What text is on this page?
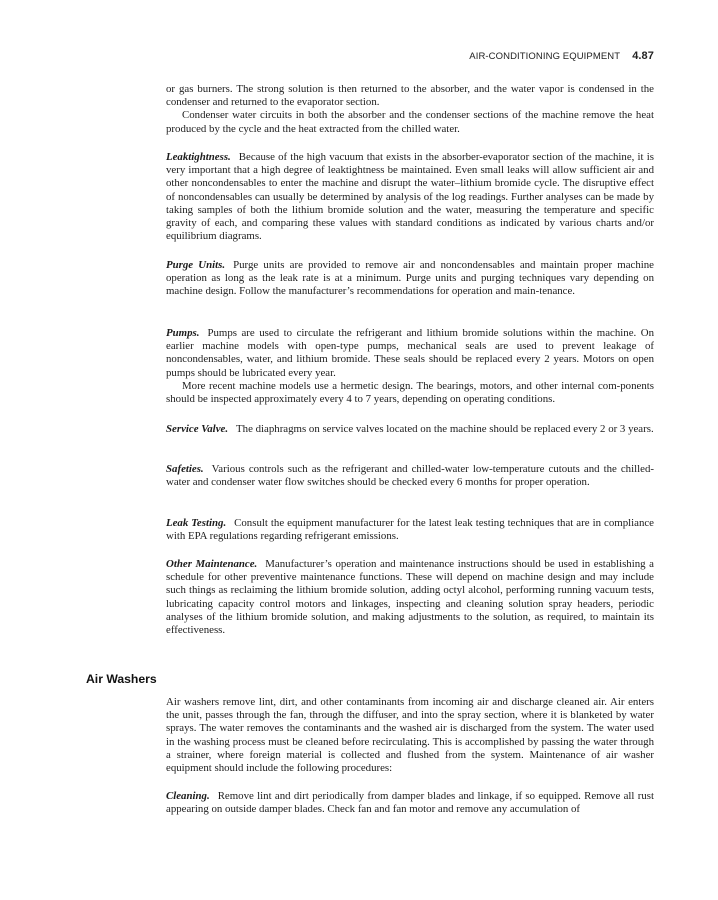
AIR-CONDITIONING EQUIPMENT 4.87

or gas burners. The strong solution is then returned to the absorber, and the water vapor is condensed in the condenser and returned to the evaporator section.

Condenser water circuits in both the absorber and the condenser sections of the machine remove the heat produced by the cycle and the heat extracted from the chilled water.

Leaktightness. Because of the high vacuum that exists in the absorber-evaporator section of the machine, it is very important that a high degree of leaktightness be maintained. Even small leaks will allow sufficient air and other noncondensables to enter the machine and disrupt the water–lithium bromide cycle. The disruptive effect of noncondensables can usually be determined by analysis of the log readings. Further analyses can be made by taking samples of both the lithium bromide solution and the water, measuring the temperature and specific gravity of each, and comparing these values with standard conditions as indicated by various charts and/or equilibrium diagrams.

Purge Units. Purge units are provided to remove air and noncondensables and maintain proper machine operation as long as the leak rate is at a minimum. Purge units and purging techniques vary depending on machine design. Follow the manufacturer’s recommendations for operation and main-tenance.

Pumps. Pumps are used to circulate the refrigerant and lithium bromide solutions within the machine. On earlier machine models with open-type pumps, mechanical seals are used to prevent leakage of noncondensables, water, and lithium bromide. These seals should be replaced every 2 years. Motors on open pumps should be lubricated every year.

More recent machine models use a hermetic design. The bearings, motors, and other internal com-ponents should be inspected approximately every 4 to 7 years, depending on operating conditions.

Service Valve. The diaphragms on service valves located on the machine should be replaced every 2 or 3 years.

Safeties. Various controls such as the refrigerant and chilled-water low-temperature cutouts and the chilled-water and condenser water flow switches should be checked every 6 months for proper operation.

Leak Testing. Consult the equipment manufacturer for the latest leak testing techniques that are in compliance with EPA regulations regarding refrigerant emissions.

Other Maintenance. Manufacturer’s operation and maintenance instructions should be used in establishing a schedule for other preventive maintenance functions. These will depend on machine design and may include such things as reclaiming the lithium bromide solution, adding octyl alcohol, performing running vacuum tests, lubricating capacity control motors and linkages, inspecting and cleaning solution spray headers, periodic analyses of the lithium bromide solution, and making adjustments to the solution, as required, to maintain its effectiveness.

Air Washers

Air washers remove lint, dirt, and other contaminants from incoming air and discharge cleaned air. Air enters the unit, passes through the fan, through the diffuser, and into the spray section, where it is blanketed by water sprays. The water removes the contaminants and the washed air is discharged from the system. The water used in the washing process must be cleaned before recirculating. This is accomplished by passing the water through a strainer, where foreign material is collected and flushed from the system. Maintenance of air washer equipment should include the following procedures:

Cleaning. Remove lint and dirt periodically from damper blades and linkage, if so equipped. Remove all rust appearing on outside damper blades. Check fan and fan motor and remove any accumulation of
